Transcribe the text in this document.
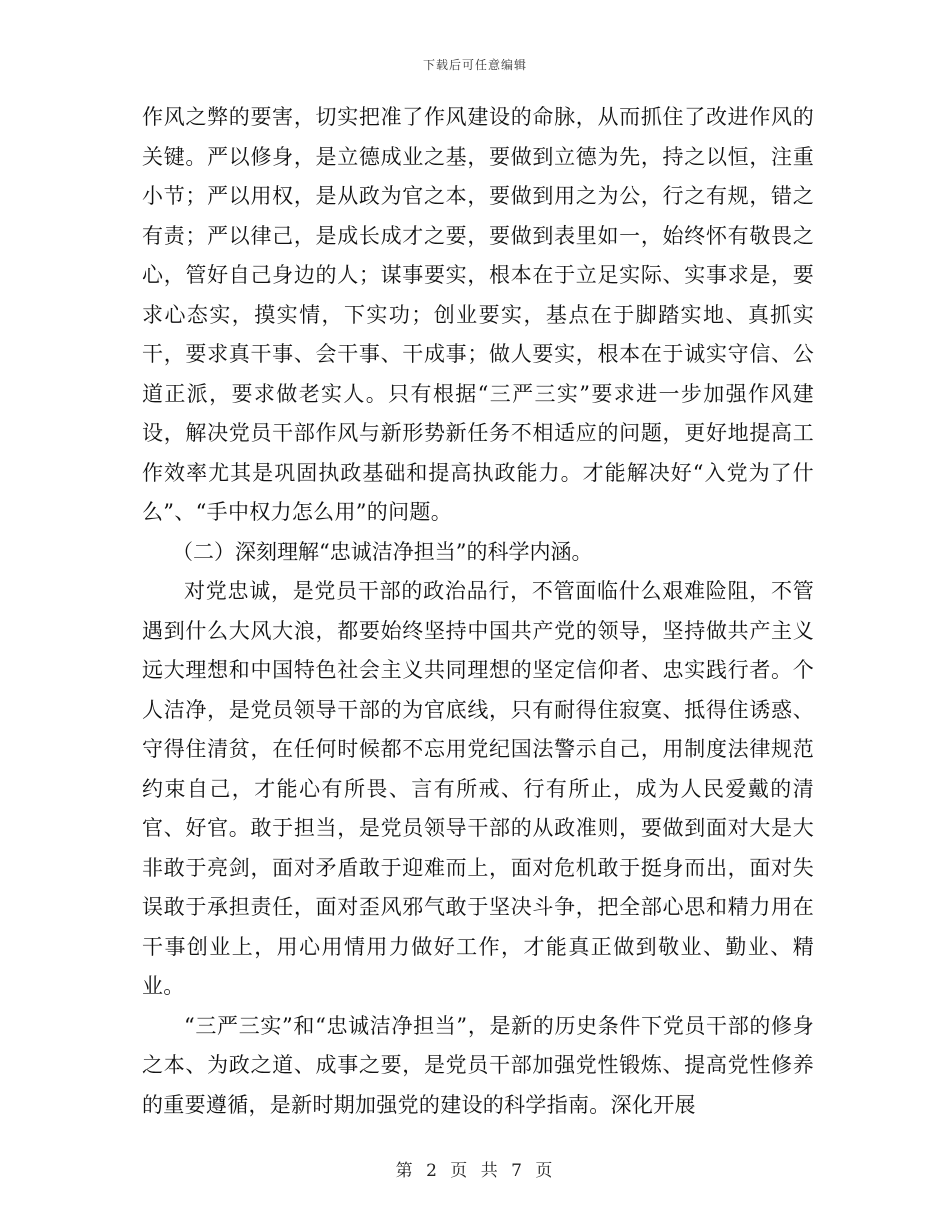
下载后可任意编辑

作风之弊的要害，切实把准了作风建设的命脉，从而抓住了改进作风的关键。严以修身，是立德成业之基，要做到立德为先，持之以恒，注重小节；严以用权，是从政为官之本，要做到用之为公，行之有规，错之有责；严以律己，是成长成才之要，要做到表里如一，始终怀有敬畏之心，管好自己身边的人；谋事要实，根本在于立足实际、实事求是，要求心态实，摸实情，下实功；创业要实，基点在于脚踏实地、真抓实干，要求真干事、会干事、干成事；做人要实，根本在于诚实守信、公道正派，要求做老实人。只有根据“三严三实”要求进一步加强作风建设，解决党员干部作风与新形势新任务不相适应的问题，更好地提高工作效率尤其是巩固执政基础和提高执政能力。才能解决好“入党为了什么”、“手中权力怎么用”的问题。

（二）深刻理解“忠诚洁净担当”的科学内涵。

对党忠诚，是党员干部的政治品行，不管面临什么艰难险阻，不管遇到什么大风大浪，都要始终坚持中国共产党的领导，坚持做共产主义远大理想和中国特色社会主义共同理想的坚定信仰者、忠实践行者。个人洁净，是党员领导干部的为官底线，只有耐得住寂寞、抵得住诱惑、守得住清贫，在任何时候都不忘用党纪国法警示自己，用制度法律规范约束自己，才能心有所畏、言有所戒、行有所止，成为人民爱戴的清官、好官。敢于担当，是党员领导干部的从政准则，要做到面对大是大非敢于亮剑，面对矛盾敢于迎难而上，面对危机敢于挺身而出，面对失误敢于承担责任，面对歪风邪气敢于坚决斗争，把全部心思和精力用在干事创业上，用心用情用力做好工作，才能真正做到敬业、勤业、精业。

“三严三实”和“忠诚洁净担当”，是新的历史条件下党员干部的修身之本、为政之道、成事之要，是党员干部加强党性锻炼、提高党性修养的重要遵循，是新时期加强党的建设的科学指南。深化开展

第 2 页 共 7 页
